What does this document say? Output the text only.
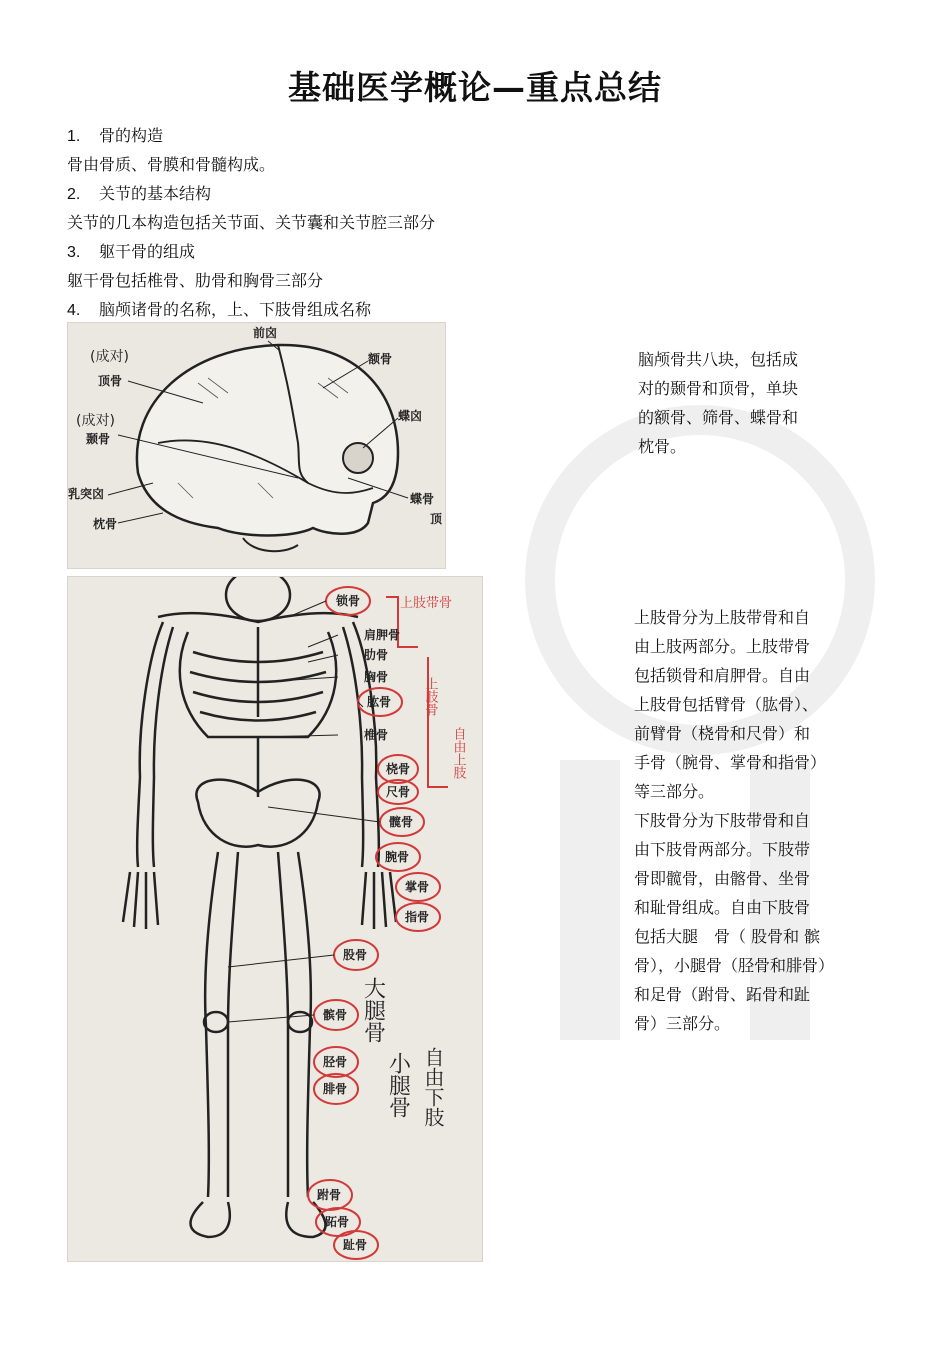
基础医学概论—重点总结
1. 骨的构造
骨由骨质、骨膜和骨髓构成。
2. 关节的基本结构
关节的几本构造包括关节面、关节囊和关节腔三部分
3. 躯干骨的组成
躯干骨包括椎骨、肋骨和胸骨三部分
4. 脑颅诸骨的名称，上、下肢骨组成名称
前囟
(成对)
顶骨
(成对)
颞骨
乳突囟
枕骨
额骨
蝶囟
蝶骨
顶
脑颅骨共八块，包括成
对的颞骨和顶骨，单块
的额骨、筛骨、蝶骨和
枕骨。
锁骨
肩胛骨
肋骨
胸骨
肱骨
椎骨
桡骨
尺骨
髋骨
腕骨
掌骨
指骨
股骨
髌骨
胫骨
腓骨
跗骨
跖骨
趾骨
上肢带骨
上肢骨
自由上肢
大腿骨
小腿骨 自由下肢
上肢骨分为上肢带骨和自
由上肢两部分。上肢带骨
包括锁骨和肩胛骨。自由
上肢骨包括臂骨（肱骨）、
前臂骨（桡骨和尺骨）和
手骨（腕骨、掌骨和指骨）
等三部分。
下肢骨分为下肢带骨和自
由下肢骨两部分。下肢带
骨即髋骨，由髂骨、坐骨
和耻骨组成。自由下肢骨
包括大腿　骨（ 股骨和 髌
骨），小腿骨（胫骨和腓骨）
和足骨（跗骨、跖骨和趾
骨）三部分。
